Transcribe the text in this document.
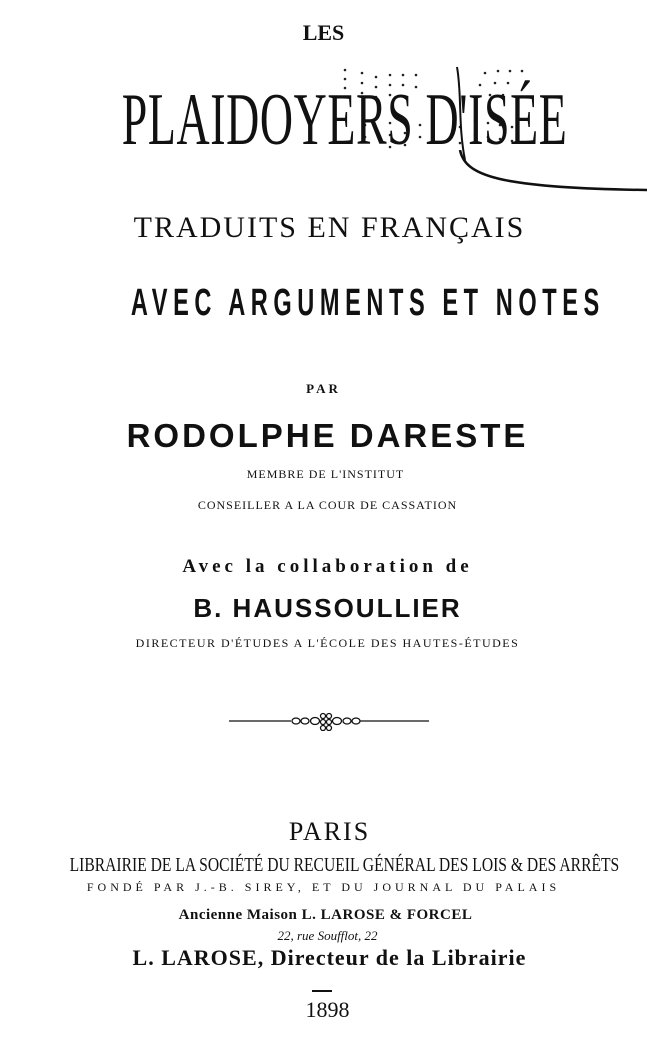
LES
PLAIDOYERS D'ISÉE
TRADUITS EN FRANÇAIS
AVEC ARGUMENTS ET NOTES
PAR
RODOLPHE DARESTE
MEMBRE DE L'INSTITUT
CONSEILLER A LA COUR DE CASSATION
Avec la collaboration de
B. HAUSSOULLIER
DIRECTEUR D'ÉTUDES A L'ÉCOLE DES HAUTES-ÉTUDES
PARIS
LIBRAIRIE DE LA SOCIÉTÉ DU RECUEIL GÉNÉRAL DES LOIS & DES ARRÊTS
FONDÉ PAR J.-B. SIREY, ET DU JOURNAL DU PALAIS
Ancienne Maison L. LAROSE & FORCEL
22, rue Soufflot, 22
L. LAROSE, Directeur de la Librairie
1898
